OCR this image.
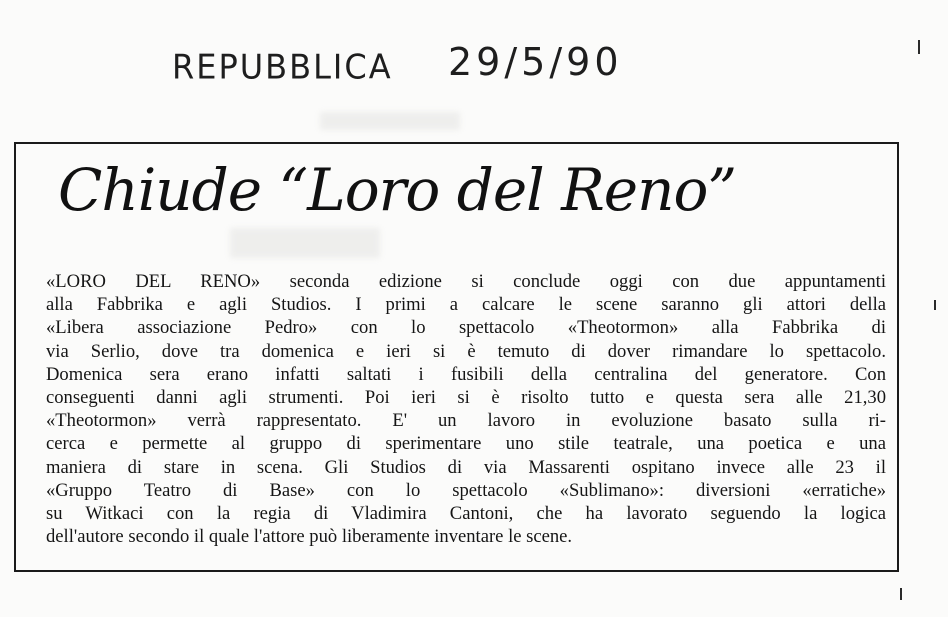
REPUBBLICA 29/5/90
Chiude “Loro del Reno”
«LORO DEL RENO» seconda edizione si conclude oggi con due appuntamenti
alla Fabbrika e agli Studios. I primi a calcare le scene saranno gli attori della
«Libera associazione Pedro» con lo spettacolo «Theotormon» alla Fabbrika di
via Serlio, dove tra domenica e ieri si è temuto di dover rimandare lo spettacolo.
Domenica sera erano infatti saltati i fusibili della centralina del generatore. Con
conseguenti danni agli strumenti. Poi ieri si è risolto tutto e questa sera alle 21,30
«Theotormon» verrà rappresentato. E' un lavoro in evoluzione basato sulla ri-
cerca e permette al gruppo di sperimentare uno stile teatrale, una poetica e una
maniera di stare in scena. Gli Studios di via Massarenti ospitano invece alle 23 il
«Gruppo Teatro di Base» con lo spettacolo «Sublimano»: diversioni «erratiche»
su Witkaci con la regia di Vladimira Cantoni, che ha lavorato seguendo la logica
dell'autore secondo il quale l'attore può liberamente inventare le scene.
